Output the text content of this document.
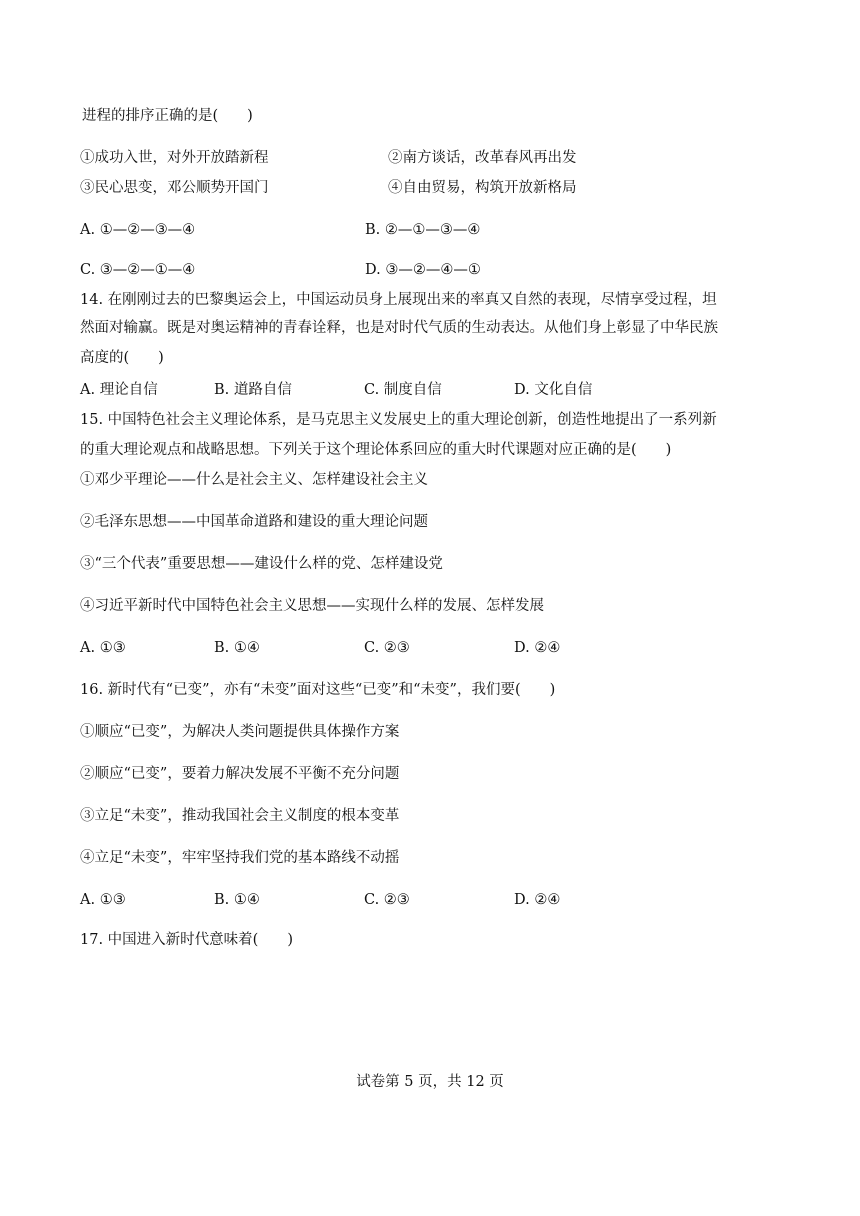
进程的排序正确的是(　　)
①成功入世，对外开放踏新程	②南方谈话，改革春风再出发
③民心思变，邓公顺势开国门	④自由贸易，构筑开放新格局
A. ①—②—③—④	B. ②—①—③—④
C. ③—②—①—④	D. ③—②—④—①
14. 在刚刚过去的巴黎奥运会上，中国运动员身上展现出来的率真又自然的表现，尽情享受过程，坦
然面对输赢。既是对奥运精神的青春诠释，也是对时代气质的生动表达。从他们身上彰显了中华民族
高度的(　　)
A. 理论自信	B. 道路自信	C. 制度自信	D. 文化自信
15. 中国特色社会主义理论体系，是马克思主义发展史上的重大理论创新，创造性地提出了一系列新
的重大理论观点和战略思想。下列关于这个理论体系回应的重大时代课题对应正确的是(　　)
①邓少平理论——什么是社会主义、怎样建设社会主义
②毛泽东思想——中国革命道路和建设的重大理论问题
③“三个代表”重要思想——建设什么样的党、怎样建设党
④习近平新时代中国特色社会主义思想——实现什么样的发展、怎样发展
A. ①③	B. ①④	C. ②③	D. ②④
16. 新时代有“已变”，亦有“未变”面对这些“已变”和“未变”，我们要(　　)
①顺应“已变”，为解决人类问题提供具体操作方案
②顺应“已变”，要着力解决发展不平衡不充分问题
③立足“未变”，推动我国社会主义制度的根本变革
④立足“未变”，牢牢坚持我们党的基本路线不动摇
A. ①③	B. ①④	C. ②③	D. ②④
17. 中国进入新时代意味着(　　)
试卷第 5 页，共 12 页
